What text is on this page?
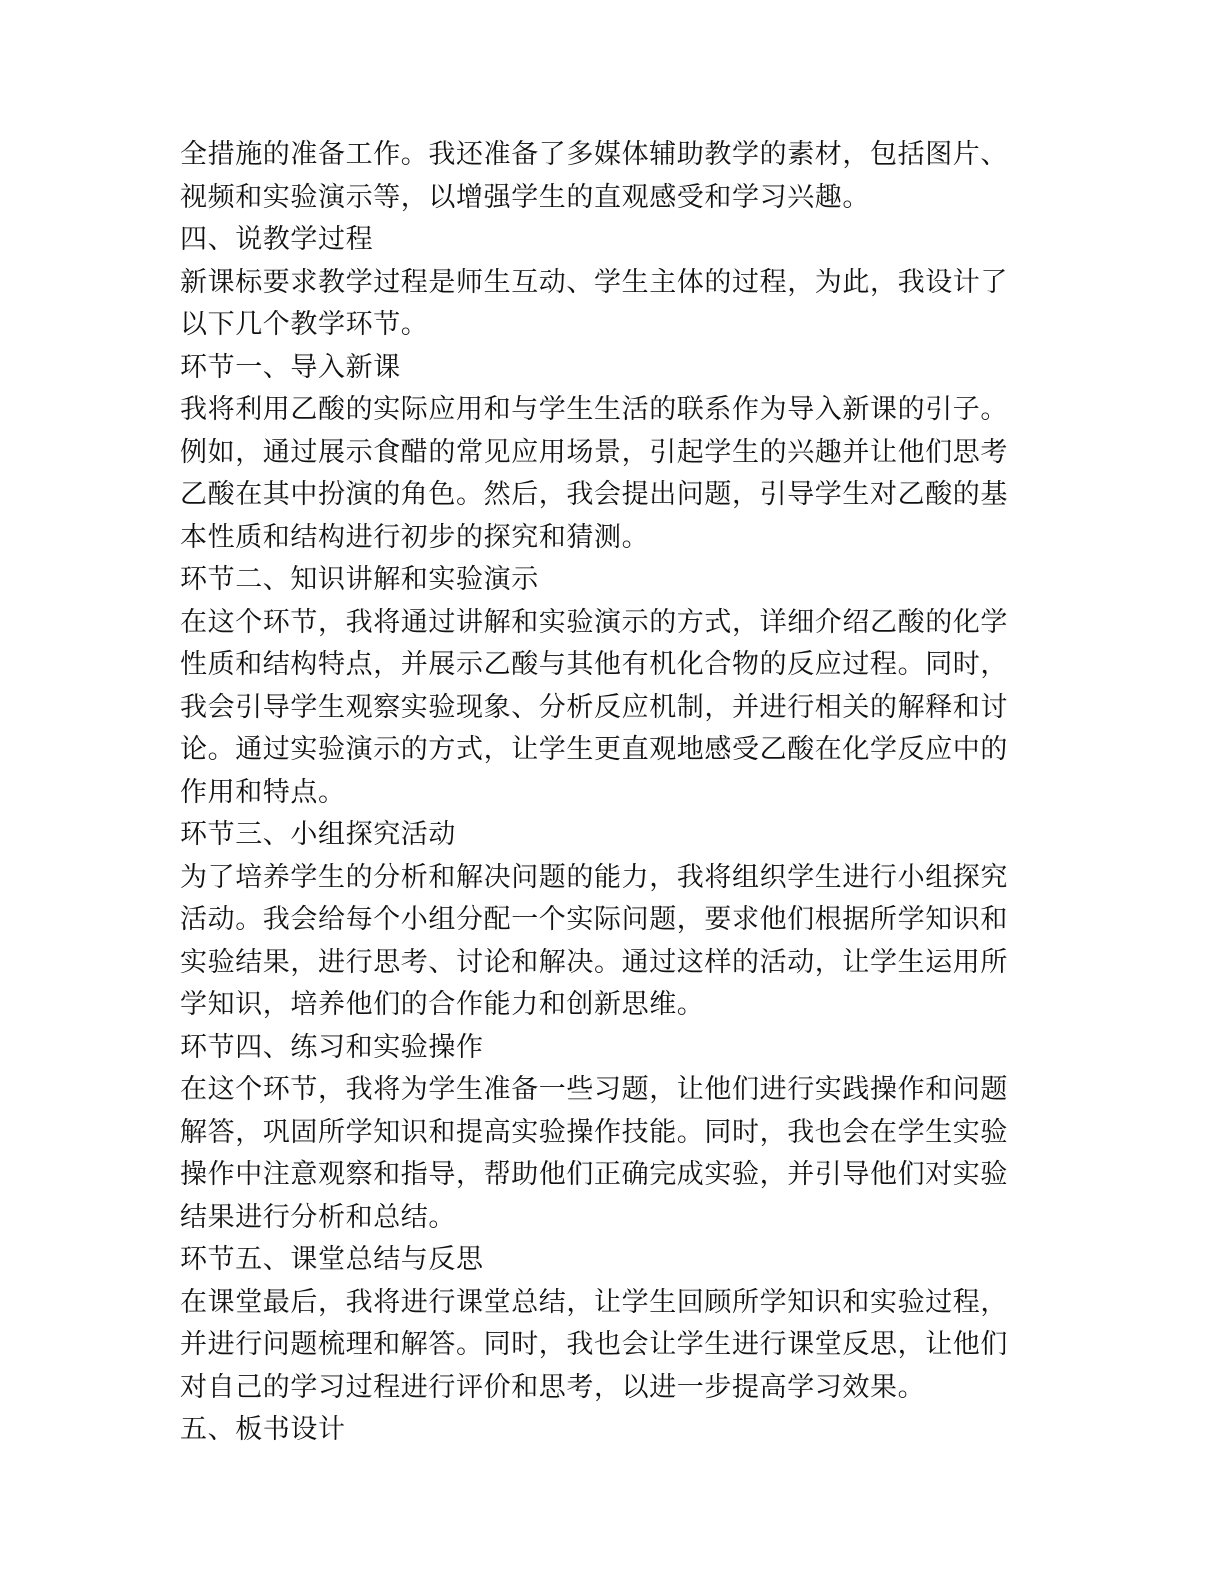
全措施的准备工作。我还准备了多媒体辅助教学的素材，包括图片、
视频和实验演示等，以增强学生的直观感受和学习兴趣。
四、说教学过程
新课标要求教学过程是师生互动、学生主体的过程，为此，我设计了
以下几个教学环节。
环节一、导入新课
我将利用乙酸的实际应用和与学生生活的联系作为导入新课的引子。
例如，通过展示食醋的常见应用场景，引起学生的兴趣并让他们思考
乙酸在其中扮演的角色。然后，我会提出问题，引导学生对乙酸的基
本性质和结构进行初步的探究和猜测。
环节二、知识讲解和实验演示
在这个环节，我将通过讲解和实验演示的方式，详细介绍乙酸的化学
性质和结构特点，并展示乙酸与其他有机化合物的反应过程。同时，
我会引导学生观察实验现象、分析反应机制，并进行相关的解释和讨
论。通过实验演示的方式，让学生更直观地感受乙酸在化学反应中的
作用和特点。
环节三、小组探究活动
为了培养学生的分析和解决问题的能力，我将组织学生进行小组探究
活动。我会给每个小组分配一个实际问题，要求他们根据所学知识和
实验结果，进行思考、讨论和解决。通过这样的活动，让学生运用所
学知识，培养他们的合作能力和创新思维。
环节四、练习和实验操作
在这个环节，我将为学生准备一些习题，让他们进行实践操作和问题
解答，巩固所学知识和提高实验操作技能。同时，我也会在学生实验
操作中注意观察和指导，帮助他们正确完成实验，并引导他们对实验
结果进行分析和总结。
环节五、课堂总结与反思
在课堂最后，我将进行课堂总结，让学生回顾所学知识和实验过程，
并进行问题梳理和解答。同时，我也会让学生进行课堂反思，让他们
对自己的学习过程进行评价和思考，以进一步提高学习效果。
五、板书设计
